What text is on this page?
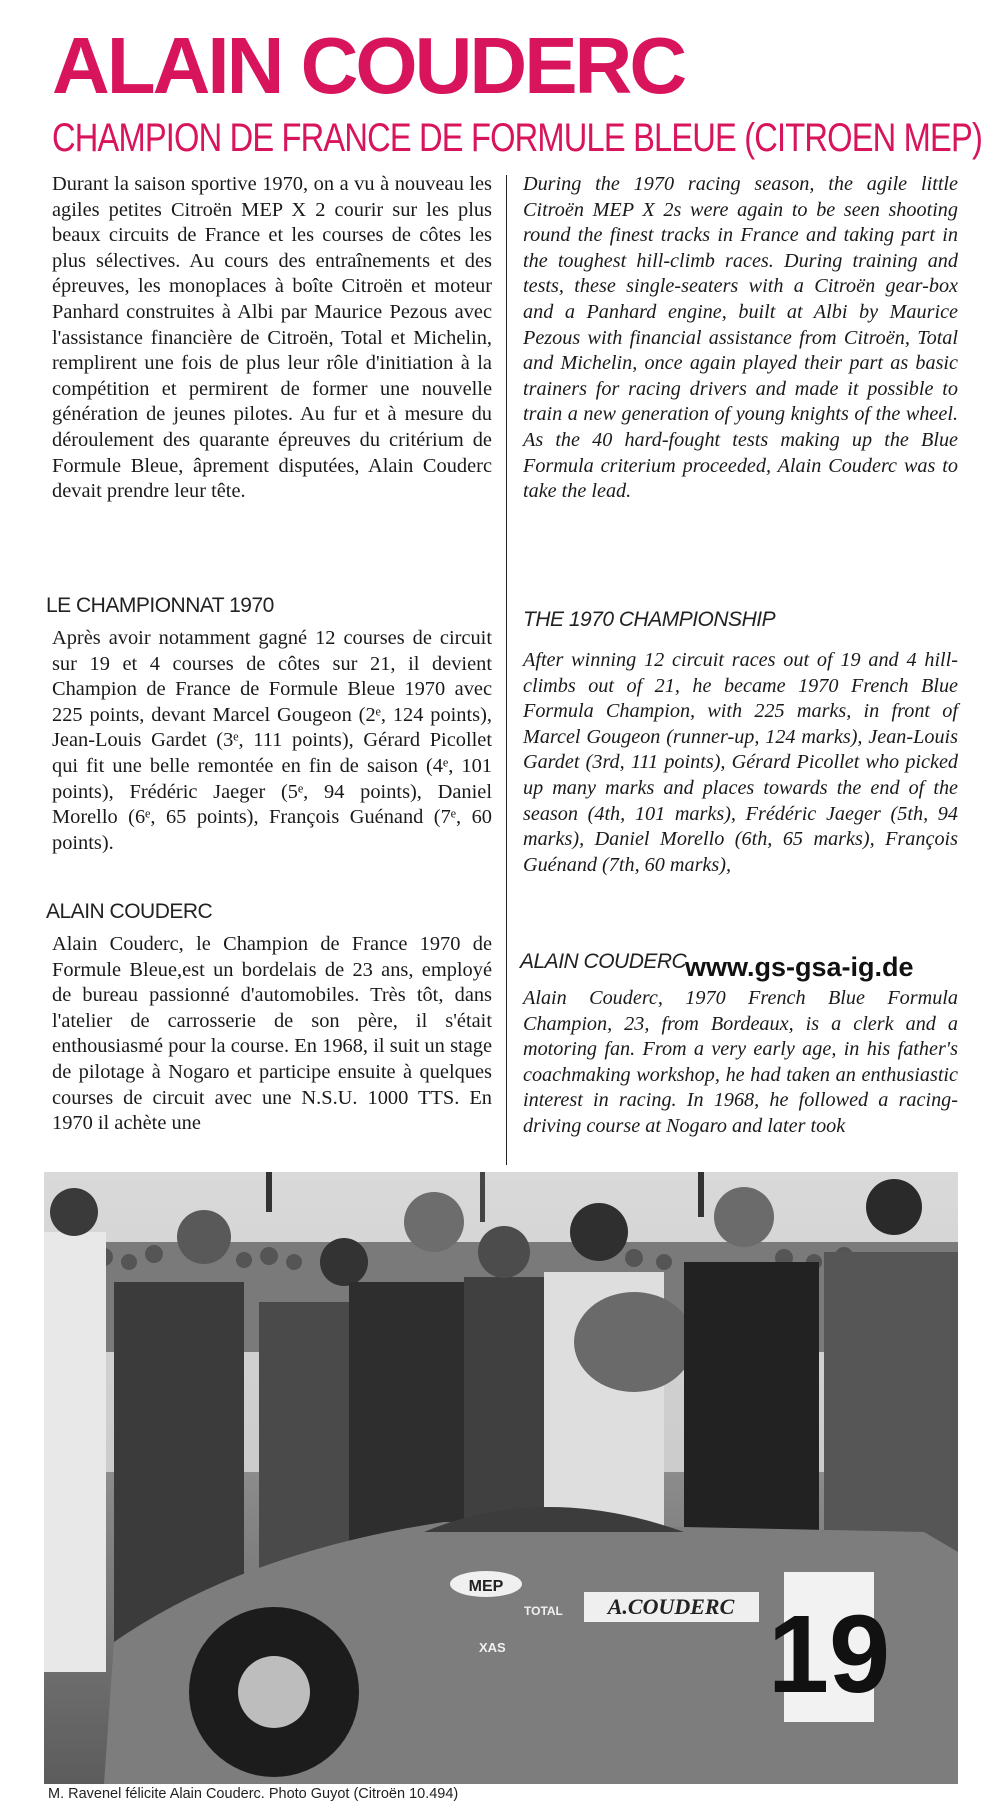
ALAIN COUDERC
CHAMPION DE FRANCE DE FORMULE BLEUE (CITROEN MEP)

Durant la saison sportive 1970, on a vu à nouveau les agiles petites Citroën MEP X 2 courir sur les plus beaux circuits de France et les courses de côtes les plus sélectives. Au cours des entraînements et des épreuves, les monoplaces à boîte Citroën et moteur Panhard construites à Albi par Maurice Pezous avec l'assistance financière de Citroën, Total et Michelin, remplirent une fois de plus leur rôle d'initiation à la compétition et permirent de former une nouvelle génération de jeunes pilotes. Au fur et à mesure du déroulement des quarante épreuves du critérium de Formule Bleue, âprement disputées, Alain Couderc devait prendre leur tête.

LE CHAMPIONNAT 1970

Après avoir notamment gagné 12 courses de circuit sur 19 et 4 courses de côtes sur 21, il devient Champion de France de Formule Bleue 1970 avec 225 points, devant Marcel Gougeon (2ᵉ, 124 points), Jean-Louis Gardet (3ᵉ, 111 points), Gérard Picollet qui fit une belle remontée en fin de saison (4ᵉ, 101 points), Frédéric Jaeger (5ᵉ, 94 points), Daniel Morello (6ᵉ, 65 points), François Guénand (7ᵉ, 60 points).

ALAIN COUDERC

Alain Couderc, le Champion de France 1970 de Formule Bleue,est un bordelais de 23 ans, employé de bureau passionné d'automobiles. Très tôt, dans l'atelier de carrosserie de son père, il s'était enthousiasmé pour la course. En 1968, il suit un stage de pilotage à Nogaro et participe ensuite à quelques courses de circuit avec une N.S.U. 1000 TTS. En 1970 il achète une

During the 1970 racing season, the agile little Citroën MEP X 2s were again to be seen shooting round the finest tracks in France and taking part in the toughest hill-climb races. During training and tests, these single-seaters with a Citroën gear-box and a Panhard engine, built at Albi by Maurice Pezous with financial assistance from Citroën, Total and Michelin, once again played their part as basic trainers for racing drivers and made it possible to train a new generation of young knights of the wheel. As the 40 hard-fought tests making up the Blue Formula criterium proceeded, Alain Couderc was to take the lead.

THE 1970 CHAMPIONSHIP

After winning 12 circuit races out of 19 and 4 hill-climbs out of 21, he became 1970 French Blue Formula Champion, with 225 marks, in front of Marcel Gougeon (runner-up, 124 marks), Jean-Louis Gardet (3rd, 111 points), Gérard Picollet who picked up many marks and places towards the end of the season (4th, 101 marks), Frédéric Jaeger (5th, 94 marks), Daniel Morello (6th, 65 marks), François Guénand (7th, 60 marks),

ALAIN COUDERC
www.gs-gsa-ig.de

Alain Couderc, 1970 French Blue Formula Champion, 23, from Bordeaux, is a clerk and a motoring fan. From a very early age, in his father's coachmaking workshop, he had taken an enthusiastic interest in racing. In 1968, he followed a racing-driving course at Nogaro and later took

MEP
TOTAL
XAS
A.COUDERC 19
M. Ravenel félicite Alain Couderc. Photo Guyot (Citroën 10.494)
